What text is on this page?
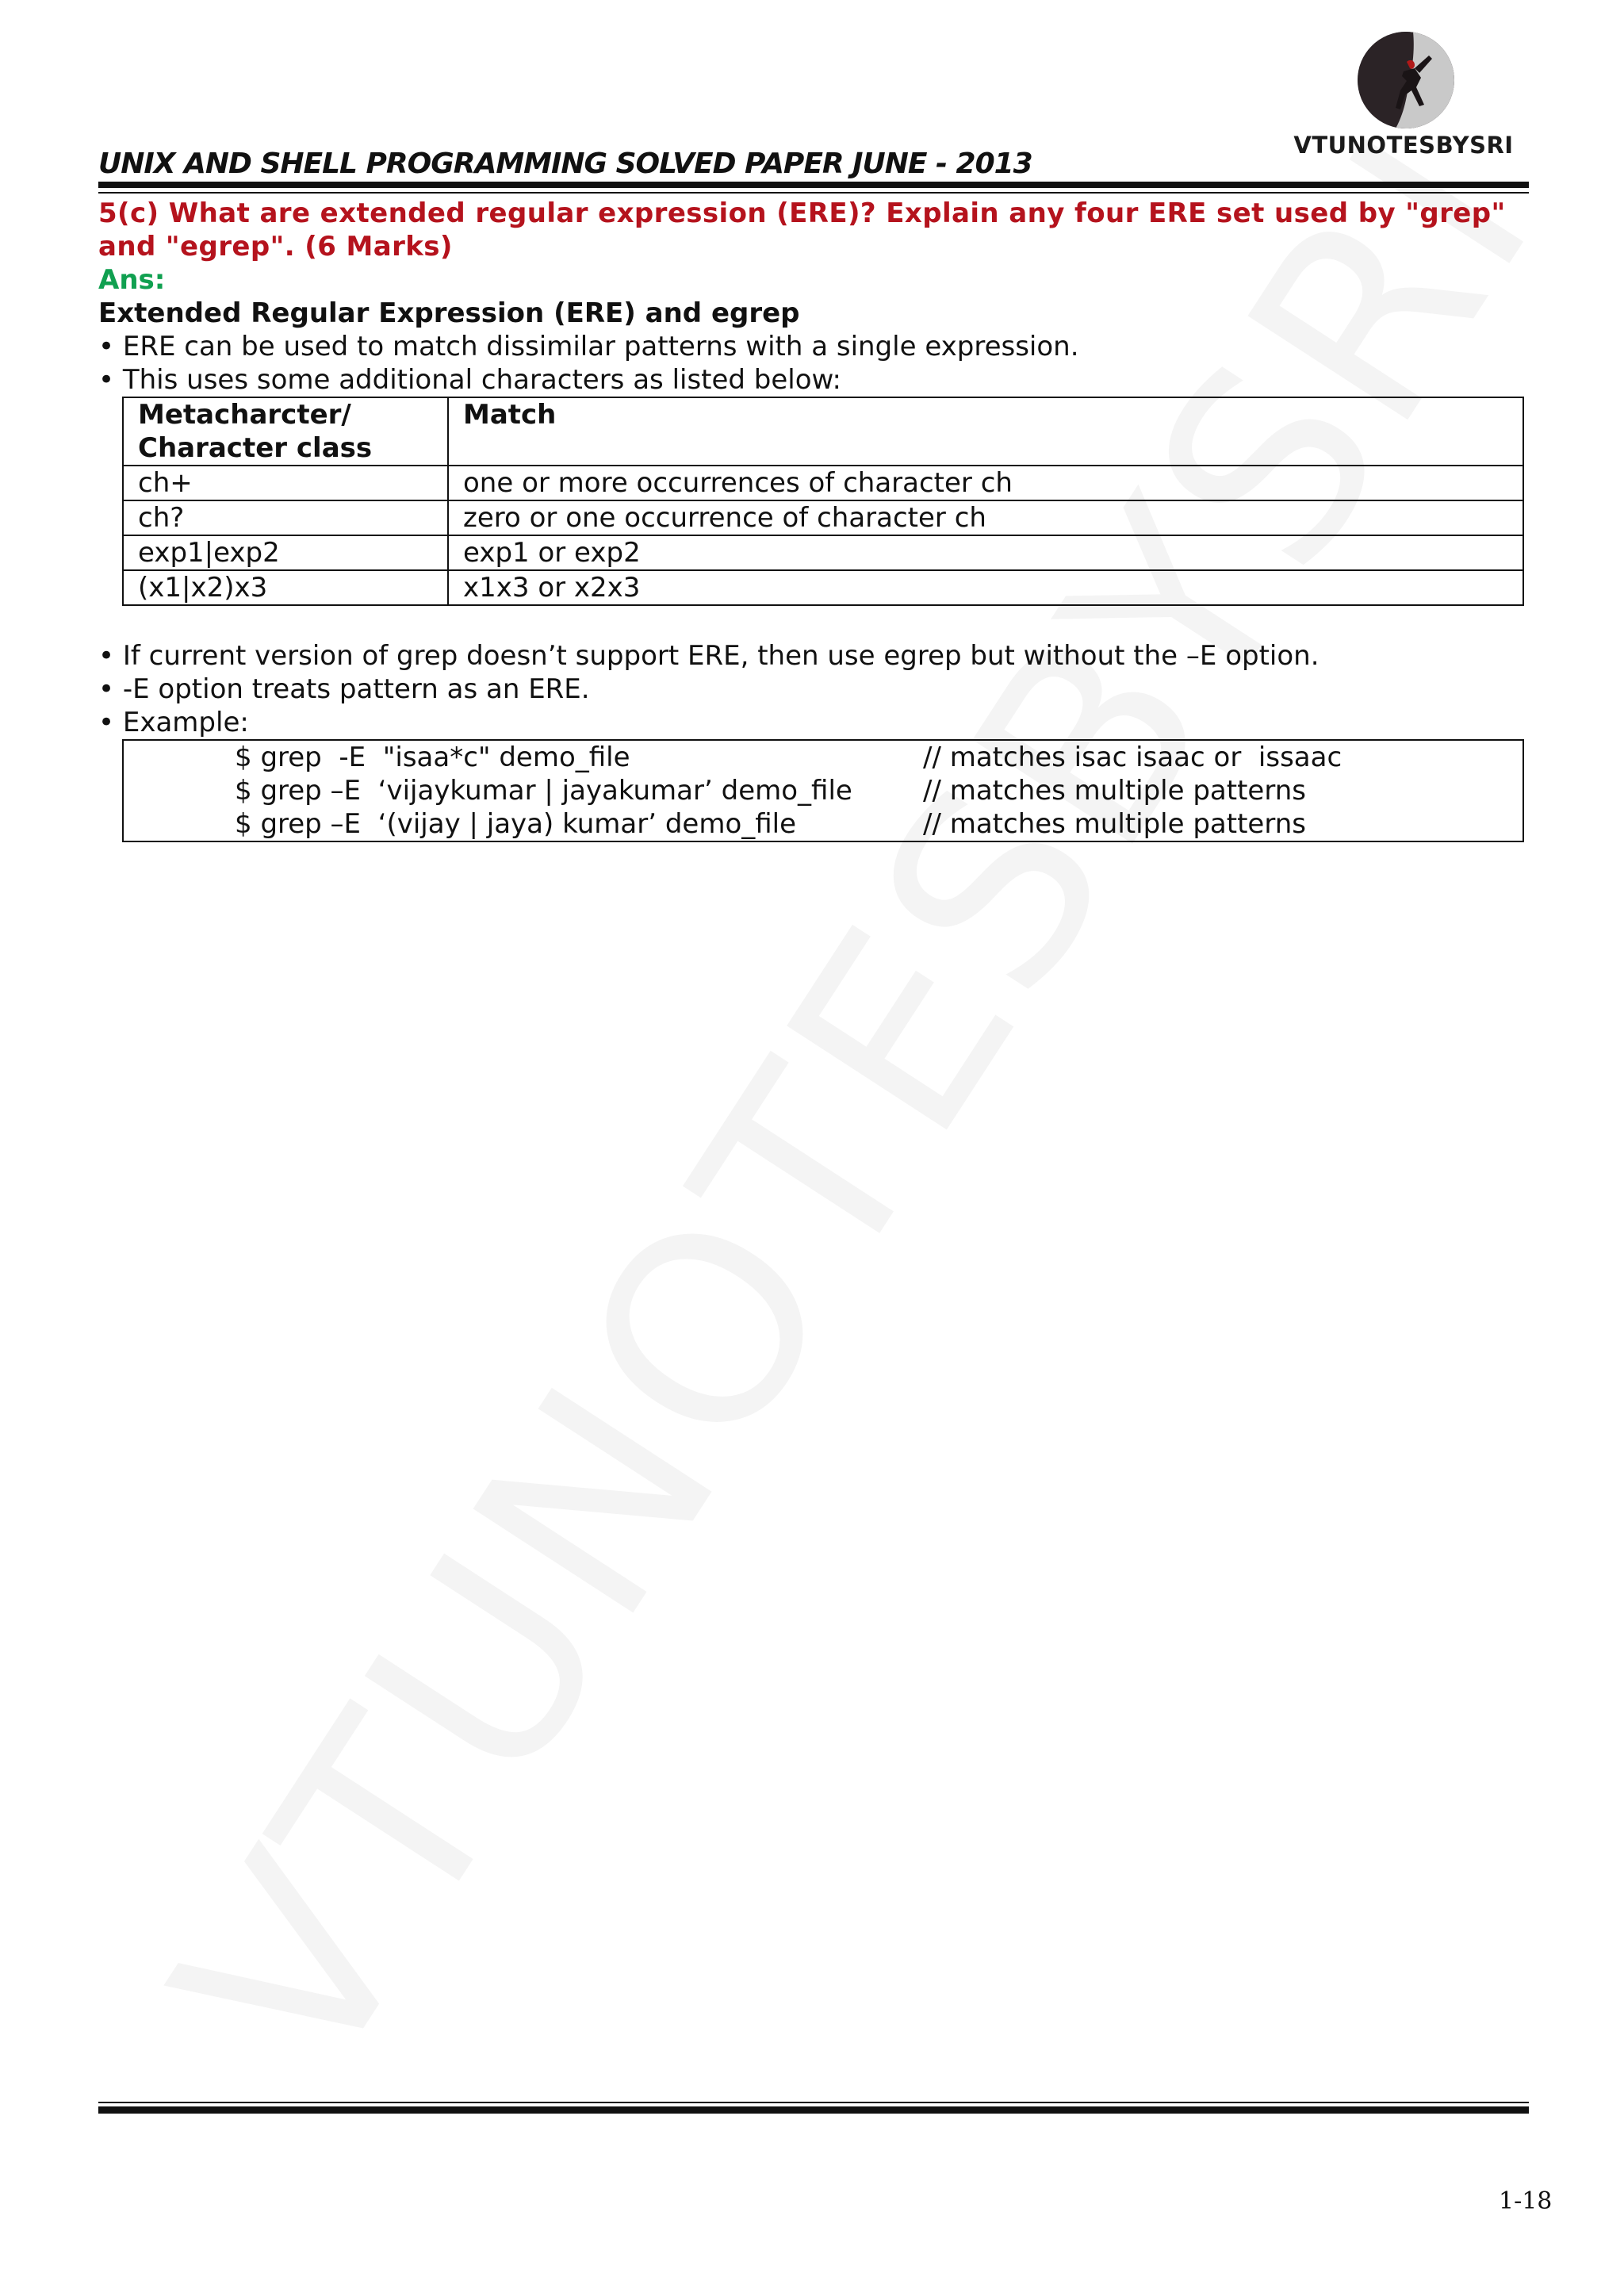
VTUNOTESBYSRI
UNIX AND SHELL PROGRAMMING SOLVED PAPER JUNE - 2013
5(c) What are extended regular expression (ERE)? Explain any four ERE set used by "grep"
and "egrep". (6 Marks)
Ans:
Extended Regular Expression (ERE) and egrep
• ERE can be used to match dissimilar patterns with a single expression.
• This uses some additional characters as listed below:
Metacharcter/
Character class	Match
ch+	one or more occurrences of character ch
ch?	zero or one occurrence of character ch
exp1|exp2	exp1 or exp2
(x1|x2)x3	x1x3 or x2x3
• If current version of grep doesn’t support ERE, then use egrep but without the –E option.
• -E option treats pattern as an ERE.
• Example:
$ grep  -E  "isaa*c" demo_file	// matches isac isaac or  issaac
$ grep –E  ‘vijaykumar | jayakumar’ demo_file	// matches multiple patterns
$ grep –E  ‘(vijay | jaya) kumar’ demo_file	// matches multiple patterns
1-18
